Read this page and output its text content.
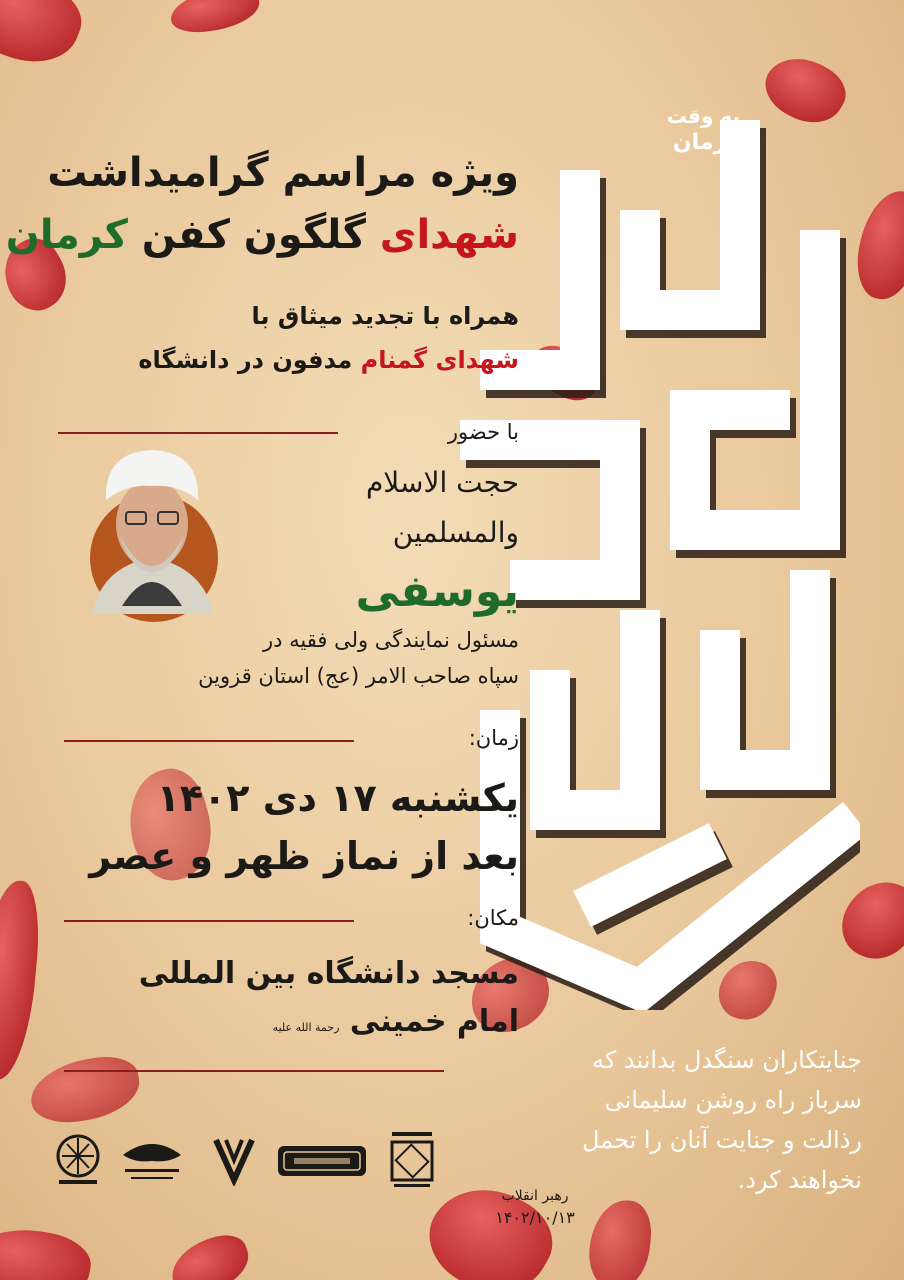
به وقت
کرمان
ویژه مراسم گرامیداشت
شهدای گلگون کفن کرمان
همراه با تجدید میثاق با
شهدای گمنام مدفون در دانشگاه
با حضور
حجت الاسلام
والمسلمین
یوسفی
مسئول نمایندگی ولی فقیه در
سپاه صاحب الامر (عج) استان قزوین
زمان:
یکشنبه ۱۷ دی ۱۴۰۲
بعد از نماز ظهر و عصر
مکان:
مسجد دانشگاه بین المللی
امام خمینی رحمة الله علیه
جنایتکاران سنگدل بدانند که
سرباز راه روشن سلیمانی
رذالت و جنایت آنان را تحمل
نخواهند کرد.
رهبر انقلاب
۱۴۰۲/۱۰/۱۳
